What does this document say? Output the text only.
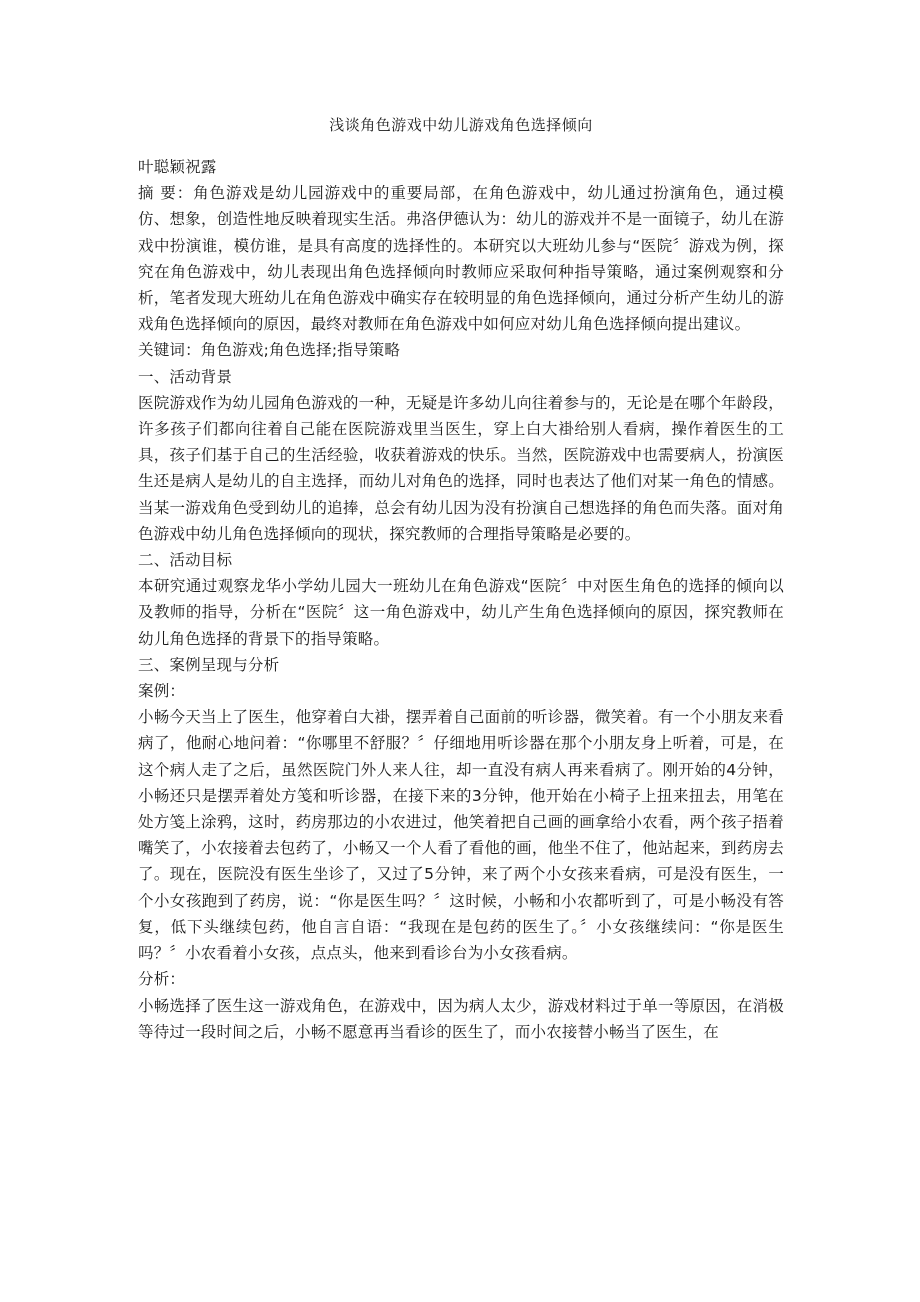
浅谈角色游戏中幼儿游戏角色选择倾向

叶聪颖祝露

摘 要：角色游戏是幼儿园游戏中的重要局部，在角色游戏中，幼儿通过扮演角色，通过模仿、想象，创造性地反映着现实生活。弗洛伊德认为：幼儿的游戏并不是一面镜子，幼儿在游戏中扮演谁，模仿谁，是具有高度的选择性的。本研究以大班幼儿参与“医院〞游戏为例，探究在角色游戏中，幼儿表现出角色选择倾向时教师应采取何种指导策略，通过案例观察和分析，笔者发现大班幼儿在角色游戏中确实存在较明显的角色选择倾向，通过分析产生幼儿的游戏角色选择倾向的原因，最终对教师在角色游戏中如何应对幼儿角色选择倾向提出建议。

关键词：角色游戏;角色选择;指导策略

一、活动背景

医院游戏作为幼儿园角色游戏的一种，无疑是许多幼儿向往着参与的，无论是在哪个年龄段，许多孩子们都向往着自己能在医院游戏里当医生，穿上白大褂给别人看病，操作着医生的工具，孩子们基于自己的生活经验，收获着游戏的快乐。当然，医院游戏中也需要病人，扮演医生还是病人是幼儿的自主选择，而幼儿对角色的选择，同时也表达了他们对某一角色的情感。当某一游戏角色受到幼儿的追捧，总会有幼儿因为没有扮演自己想选择的角色而失落。面对角色游戏中幼儿角色选择倾向的现状，探究教师的合理指导策略是必要的。

二、活动目标

本研究通过观察龙华小学幼儿园大一班幼儿在角色游戏“医院〞中对医生角色的选择的倾向以及教师的指导，分析在“医院〞这一角色游戏中，幼儿产生角色选择倾向的原因，探究教师在幼儿角色选择的背景下的指导策略。

三、案例呈现与分析

案例：

小畅今天当上了医生，他穿着白大褂，摆弄着自己面前的听诊器，微笑着。有一个小朋友来看病了，他耐心地问着：“你哪里不舒服？〞仔细地用听诊器在那个小朋友身上听着，可是，在这个病人走了之后，虽然医院门外人来人往，却一直没有病人再来看病了。刚开始的4分钟，小畅还只是摆弄着处方笺和听诊器，在接下来的3分钟，他开始在小椅子上扭来扭去，用笔在处方笺上涂鸦，这时，药房那边的小农进过，他笑着把自己画的画拿给小农看，两个孩子捂着嘴笑了，小农接着去包药了，小畅又一个人看了看他的画，他坐不住了，他站起来，到药房去了。现在，医院没有医生坐诊了，又过了5分钟，来了两个小女孩来看病，可是没有医生，一个小女孩跑到了药房，说：“你是医生吗？〞这时候，小畅和小农都听到了，可是小畅没有答复，低下头继续包药，他自言自语：“我现在是包药的医生了。〞小女孩继续问：“你是医生吗？〞小农看着小女孩，点点头，他来到看诊台为小女孩看病。

分析：

小畅选择了医生这一游戏角色，在游戏中，因为病人太少，游戏材料过于单一等原因，在消极等待过一段时间之后，小畅不愿意再当看诊的医生了，而小农接替小畅当了医生，在
